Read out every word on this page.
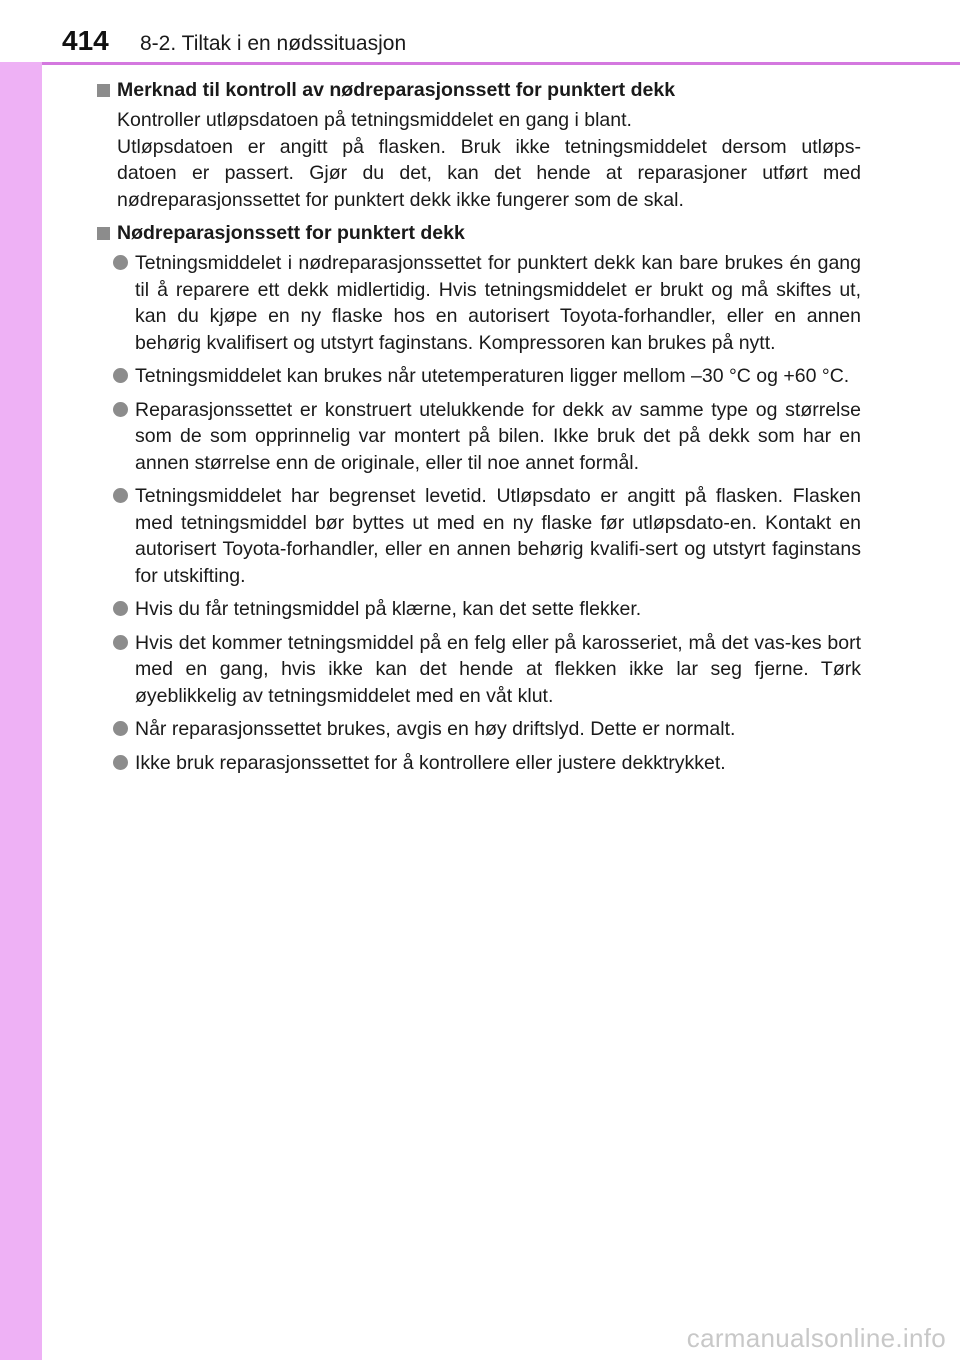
414 8-2. Tiltak i en nødssituasjon
Merknad til kontroll av nødreparasjonssett for punktert dekk
Kontroller utløpsdatoen på tetningsmiddelet en gang i blant.
Utløpsdatoen er angitt på flasken. Bruk ikke tetningsmiddelet dersom utløps-
datoen er passert. Gjør du det, kan det hende at reparasjoner utført med
nødreparasjonssettet for punktert dekk ikke fungerer som de skal.
Nødreparasjonssett for punktert dekk
Tetningsmiddelet i nødreparasjonssettet for punktert dekk kan bare brukes én gang til å reparere ett dekk midlertidig. Hvis tetningsmiddelet er brukt og må skiftes ut, kan du kjøpe en ny flaske hos en autorisert Toyota-forhandler, eller en annen behørig kvalifisert og utstyrt faginstans. Kompressoren kan brukes på nytt.
Tetningsmiddelet kan brukes når utetemperaturen ligger mellom –30 °C og +60 °C.
Reparasjonssettet er konstruert utelukkende for dekk av samme type og størrelse som de som opprinnelig var montert på bilen. Ikke bruk det på dekk som har en annen størrelse enn de originale, eller til noe annet formål.
Tetningsmiddelet har begrenset levetid. Utløpsdato er angitt på flasken. Flasken med tetningsmiddel bør byttes ut med en ny flaske før utløpsdato-en. Kontakt en autorisert Toyota-forhandler, eller en annen behørig kvalifi-sert og utstyrt faginstans for utskifting.
Hvis du får tetningsmiddel på klærne, kan det sette flekker.
Hvis det kommer tetningsmiddel på en felg eller på karosseriet, må det vas-kes bort med en gang, hvis ikke kan det hende at flekken ikke lar seg fjerne. Tørk øyeblikkelig av tetningsmiddelet med en våt klut.
Når reparasjonssettet brukes, avgis en høy driftslyd. Dette er normalt.
Ikke bruk reparasjonssettet for å kontrollere eller justere dekktrykket.
carmanualsonline.info
